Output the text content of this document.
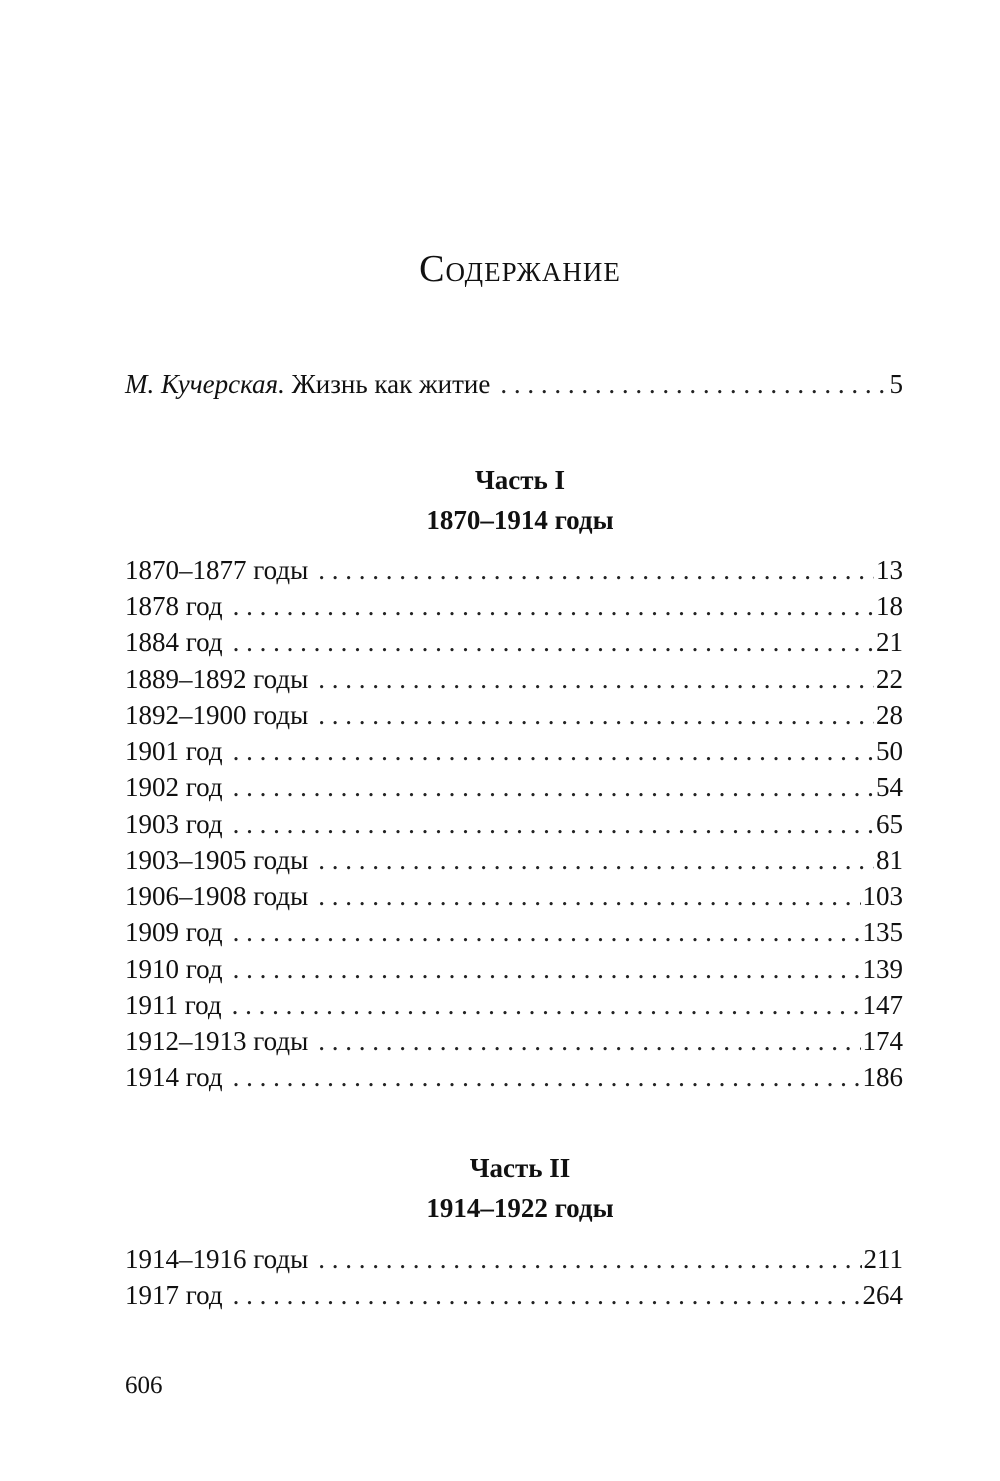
Содержание
М. Кучерская. Жизнь как житие . . .	5
Часть I
1870–1914 годы
1870–1877 годы . . .	13
1878 год . . .	18
1884 год . . .	21
1889–1892 годы . . .	22
1892–1900 годы . . .	28
1901 год . . .	50
1902 год . . .	54
1903 год . . .	65
1903–1905 годы . . .	81
1906–1908 годы . . .	103
1909 год . . .	135
1910 год . . .	139
1911 год . . .	147
1912–1913 годы . . .	174
1914 год . . .	186
Часть II
1914–1922 годы
1914–1916 годы . . .	211
1917 год . . .	264
606
